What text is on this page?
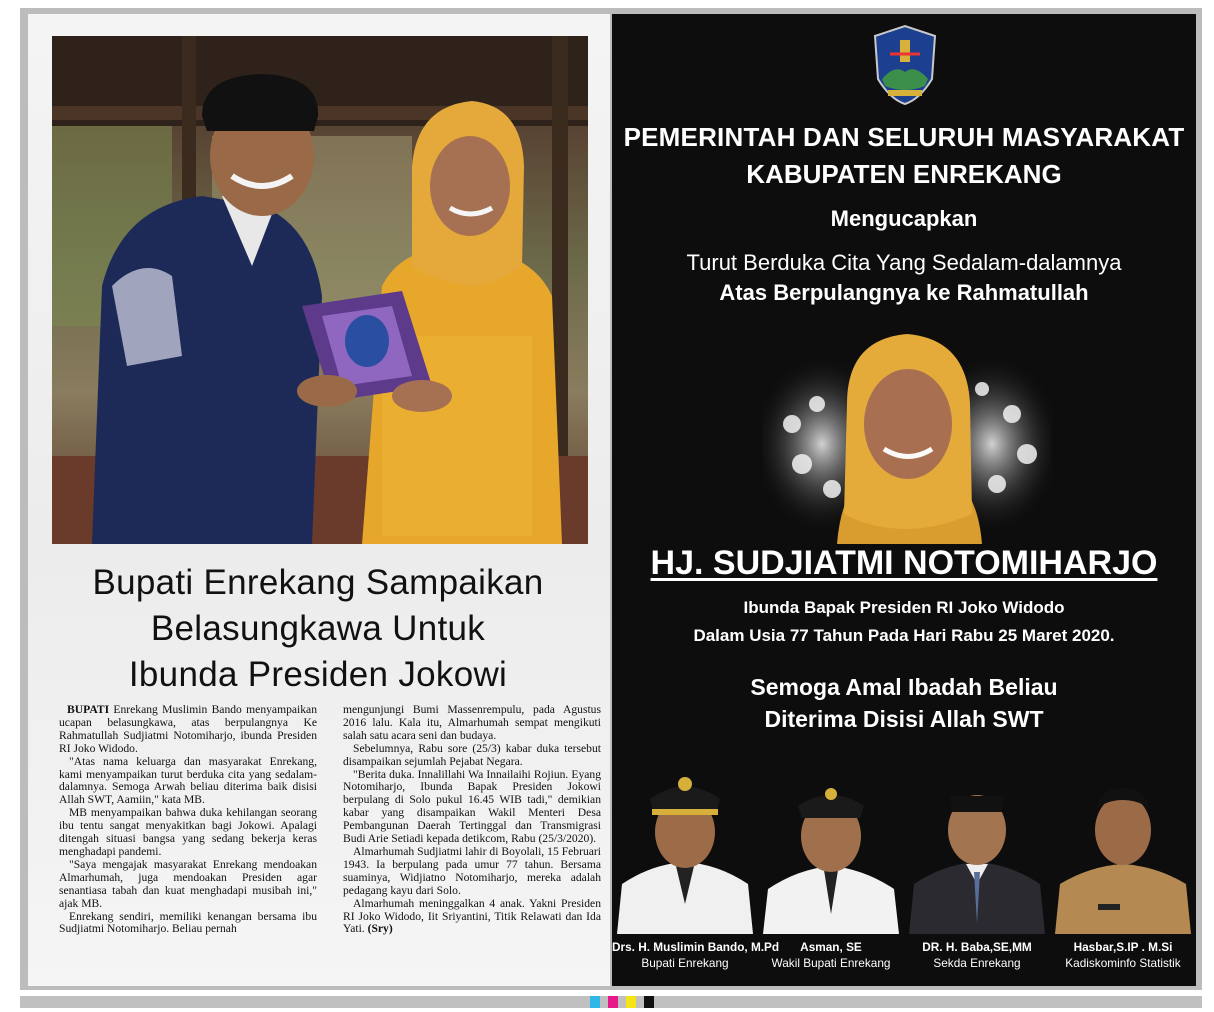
Bupati Enrekang Sampaikan
Belasungkawa Untuk
Ibunda Presiden Jokowi

BUPATI Enrekang Muslimin Bando menyampaikan ucapan belasungkawa, atas berpulangnya Ke Rahmatullah Sudjiatmi Notomiharjo, ibunda Presiden RI Joko Widodo.

"Atas nama keluarga dan masyarakat Enrekang, kami menyampaikan turut berduka cita yang sedalam-dalamnya. Semoga Arwah beliau diterima baik disisi Allah SWT, Aamiin," kata MB.

MB menyampaikan bahwa duka kehilangan seorang ibu tentu sangat menyakitkan bagi Jokowi. Apalagi ditengah situasi bangsa yang sedang bekerja keras menghadapi pandemi.

"Saya mengajak masyarakat Enrekang mendoakan Almarhumah, juga mendoakan Presiden agar senantiasa tabah dan kuat menghadapi musibah ini," ajak MB.

Enrekang sendiri, memiliki kenangan bersama ibu Sudjiatmi Notomiharjo. Beliau pernah

mengunjungi Bumi Massenrempulu, pada Agustus 2016 lalu. Kala itu, Almarhumah sempat mengikuti salah satu acara seni dan budaya.

Sebelumnya, Rabu sore (25/3) kabar duka tersebut disampaikan sejumlah Pejabat Negara.

"Berita duka. Innalillahi Wa Innailaihi Rojiun. Eyang Notomiharjo, Ibunda Bapak Presiden Jokowi berpulang di Solo pukul 16.45 WIB tadi," demikian kabar yang disampaikan Wakil Menteri Desa Pembangunan Daerah Tertinggal dan Transmigrasi Budi Arie Setiadi kepada detikcom, Rabu (25/3/2020).

Almarhumah Sudjiatmi lahir di Boyolali, 15 Februari 1943. Ia berpulang pada umur 77 tahun. Bersama suaminya, Widjiatno Notomiharjo, mereka adalah pedagang kayu dari Solo.

Almarhumah meninggalkan 4 anak. Yakni Presiden RI Joko Widodo, Iit Sriyantini, Titik Relawati dan Ida Yati. (Sry)

PEMERINTAH DAN SELURUH MASYARAKAT
KABUPATEN ENREKANG
Mengucapkan
Turut Berduka Cita Yang Sedalam-dalamnya
Atas Berpulangnya ke Rahmatullah
HJ. SUDJIATMI NOTOMIHARJO
Ibunda Bapak Presiden RI Joko Widodo
Dalam Usia 77 Tahun Pada Hari Rabu 25 Maret 2020.
Semoga Amal Ibadah Beliau
Diterima Disisi Allah SWT
Drs. H. Muslimin Bando, M.Pd
Bupati Enrekang
Asman, SE
Wakil Bupati Enrekang
DR. H. Baba,SE,MM
Sekda Enrekang
Hasbar,S.IP . M.Si
Kadiskominfo Statistik
